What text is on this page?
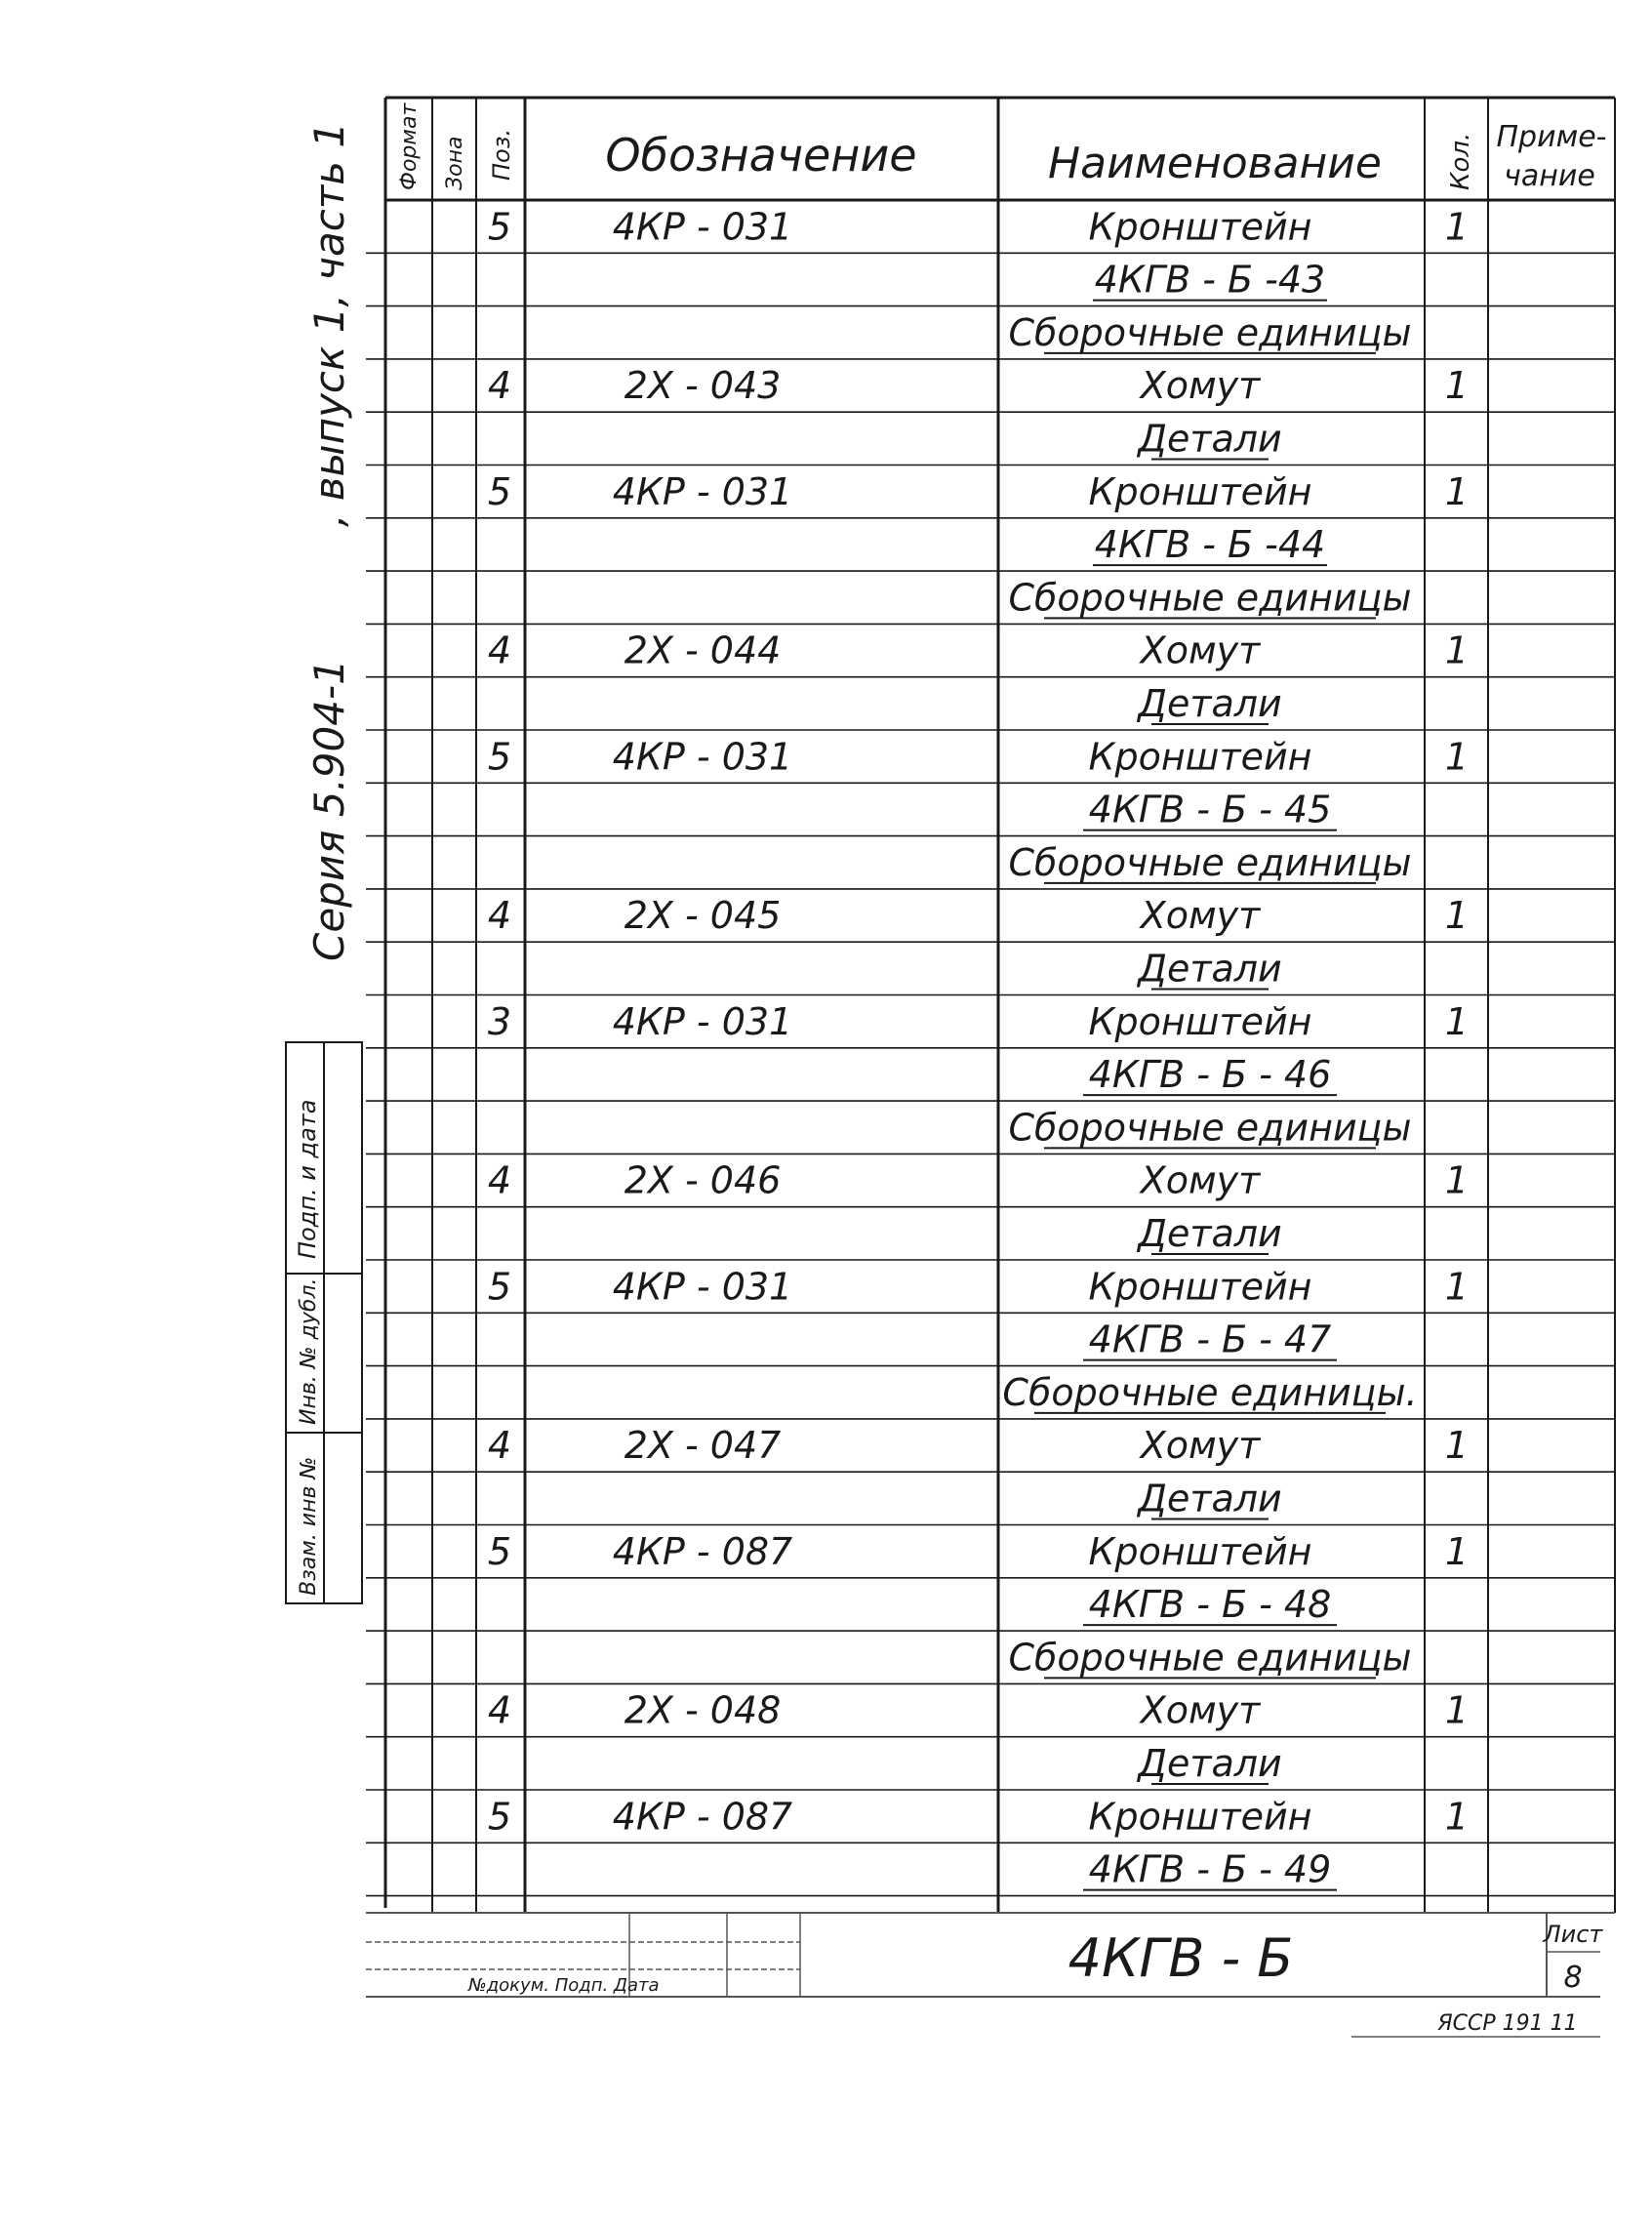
Формат Зона Поз. Обозначение	Наименование	Кол. Приме-
чание
5	4КР - 031	Кронштейн	1
4КГВ - Б -43
Сборочные единицы
4	2Х - 043	Хомут	1
Детали
5	4КР - 031	Кронштейн	1
4КГВ - Б -44
Сборочные единицы
4	2Х - 044	Хомут	1
Детали
5	4КР - 031	Кронштейн	1
4КГВ - Б - 45
Сборочные единицы
4	2Х - 045	Хомут	1
Детали
3	4КР - 031	Кронштейн	1
4КГВ - Б - 46
Сборочные единицы
4	2Х - 046	Хомут	1
Детали
5	4КР - 031	Кронштейн	1
4КГВ - Б - 47
Сборочные единицы.
4	2Х - 047	Хомут	1
Детали
5	4КР - 087	Кронштейн	1
4КГВ - Б - 48
Сборочные единицы
4	2Х - 048	Хомут	1
Детали
5	4КР - 087	Кронштейн	1
4КГВ - Б - 49
, выпуск 1, часть 1
Серия 5.904-1
Подп. и дата
Инв. № дубл.
Взам. инв №
№докум. Подп. Дата	4КГВ - Б	Лист
8
ЯССР 191 11
